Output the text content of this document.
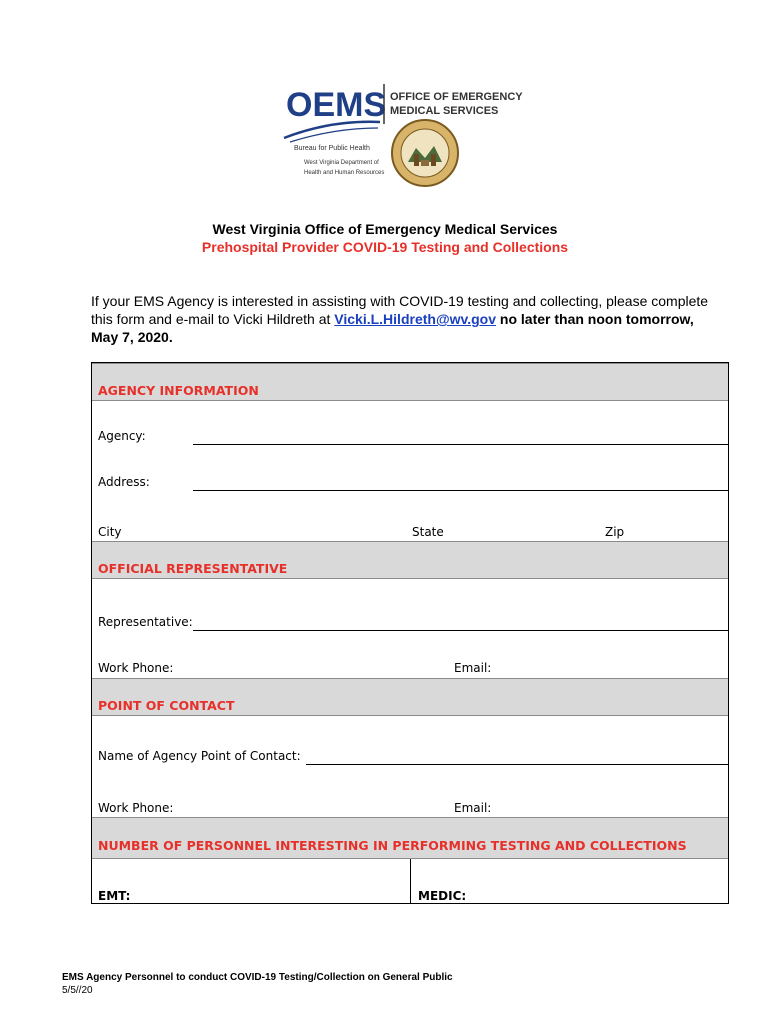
OEMS OFFICE OF EMERGENCY
MEDICAL SERVICES
Bureau for Public Health
West Virginia Department of
Health and Human Resources
West Virginia Office of Emergency Medical Services
Prehospital Provider COVID-19 Testing and Collections
If your EMS Agency is interested in assisting with COVID-19 testing and collecting, please complete this form and e-mail to Vicki Hildreth at Vicki.L.Hildreth@wv.gov no later than noon tomorrow, May 7, 2020.
AGENCY INFORMATION
Agency:
Address:
City	State	Zip
OFFICIAL REPRESENTATIVE
Representative:
Work Phone:	Email:
POINT OF CONTACT
Name of Agency Point of Contact:
Work Phone:	Email:
NUMBER OF PERSONNEL INTERESTING IN PERFORMING TESTING AND COLLECTIONS
EMT:	MEDIC:
EMS Agency Personnel to conduct COVID-19 Testing/Collection on General Public
5/5//20
